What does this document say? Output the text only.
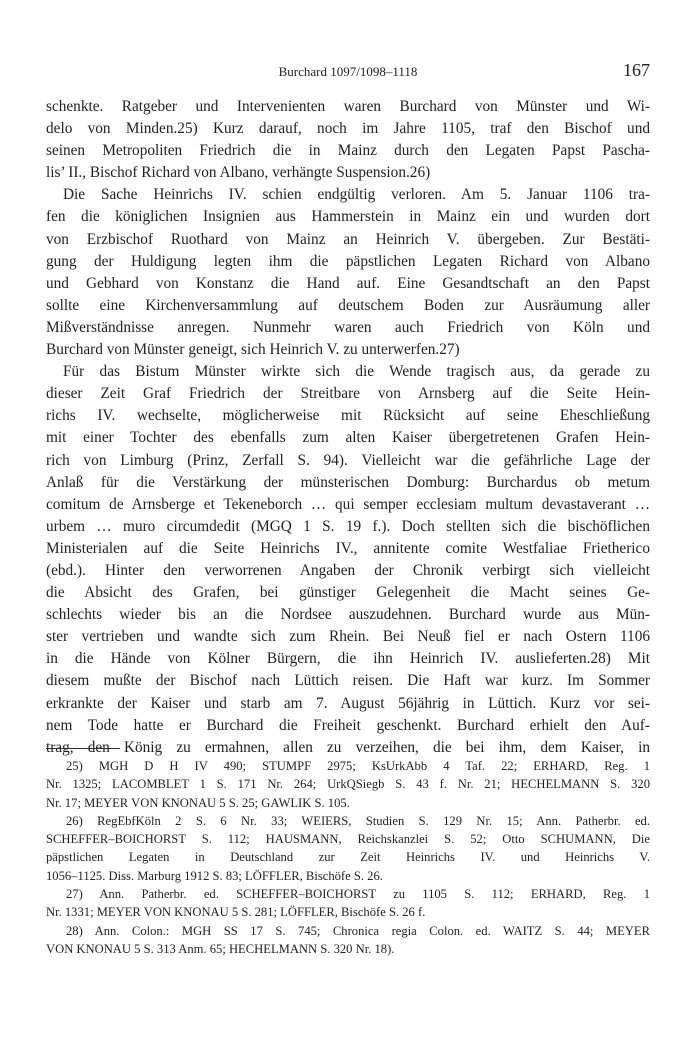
Burchard 1097/1098–1118	167
schenkte. Ratgeber und Intervenienten waren Burchard von Münster und Wi-
delo von Minden.25) Kurz darauf, noch im Jahre 1105, traf den Bischof und
seinen Metropoliten Friedrich die in Mainz durch den Legaten Papst Pascha-
lis’ II., Bischof Richard von Albano, verhängte Suspension.26)
Die Sache Heinrichs IV. schien endgültig verloren. Am 5. Januar 1106 tra-
fen die königlichen Insignien aus Hammerstein in Mainz ein und wurden dort
von Erzbischof Ruothard von Mainz an Heinrich V. übergeben. Zur Bestäti-
gung der Huldigung legten ihm die päpstlichen Legaten Richard von Albano
und Gebhard von Konstanz die Hand auf. Eine Gesandtschaft an den Papst
sollte eine Kirchenversammlung auf deutschem Boden zur Ausräumung aller
Mißverständnisse anregen. Nunmehr waren auch Friedrich von Köln und
Burchard von Münster geneigt, sich Heinrich V. zu unterwerfen.27)
Für das Bistum Münster wirkte sich die Wende tragisch aus, da gerade zu
dieser Zeit Graf Friedrich der Streitbare von Arnsberg auf die Seite Hein-
richs IV. wechselte, möglicherweise mit Rücksicht auf seine Eheschließung
mit einer Tochter des ebenfalls zum alten Kaiser übergetretenen Grafen Hein-
rich von Limburg (Prinz, Zerfall S. 94). Vielleicht war die gefährliche Lage der
Anlaß für die Verstärkung der münsterischen Domburg: Burchardus ob metum
comitum de Arnsberge et Tekeneborch … qui semper ecclesiam multum devastaverant …
urbem … muro circumdedit (MGQ 1 S. 19 f.). Doch stellten sich die bischöflichen
Ministerialen auf die Seite Heinrichs IV., annitente comite Westfaliae Frietherico
(ebd.). Hinter den verworrenen Angaben der Chronik verbirgt sich vielleicht
die Absicht des Grafen, bei günstiger Gelegenheit die Macht seines Ge-
schlechts wieder bis an die Nordsee auszudehnen. Burchard wurde aus Mün-
ster vertrieben und wandte sich zum Rhein. Bei Neuß fiel er nach Ostern 1106
in die Hände von Kölner Bürgern, die ihn Heinrich IV. auslieferten.28) Mit
diesem mußte der Bischof nach Lüttich reisen. Die Haft war kurz. Im Sommer
erkrankte der Kaiser und starb am 7. August 56jährig in Lüttich. Kurz vor sei-
nem Tode hatte er Burchard die Freiheit geschenkt. Burchard erhielt den Auf-
trag, den König zu ermahnen, allen zu verzeihen, die bei ihm, dem Kaiser, in
25) MGH D H IV 490; STUMPF 2975; KsUrkAbb 4 Taf. 22; ERHARD, Reg. 1
Nr. 1325; LACOMBLET 1 S. 171 Nr. 264; UrkQSiegb S. 43 f. Nr. 21; HECHELMANN S. 320
Nr. 17; MEYER VON KNONAU 5 S. 25; GAWLIK S. 105.
26) RegEbfKöln 2 S. 6 Nr. 33; WEIERS, Studien S. 129 Nr. 15; Ann. Patherbr. ed.
SCHEFFER–BOICHORST S. 112; HAUSMANN, Reichskanzlei S. 52; Otto SCHUMANN, Die
päpstlichen Legaten in Deutschland zur Zeit Heinrichs IV. und Heinrichs V.
1056–1125. Diss. Marburg 1912 S. 83; LÖFFLER, Bischöfe S. 26.
27) Ann. Patherbr. ed. SCHEFFER–BOICHORST zu 1105 S. 112; ERHARD, Reg. 1
Nr. 1331; MEYER VON KNONAU 5 S. 281; LÖFFLER, Bischöfe S. 26 f.
28) Ann. Colon.: MGH SS 17 S. 745; Chronica regia Colon. ed. WAITZ S. 44; MEYER
VON KNONAU 5 S. 313 Anm. 65; HECHELMANN S. 320 Nr. 18).
